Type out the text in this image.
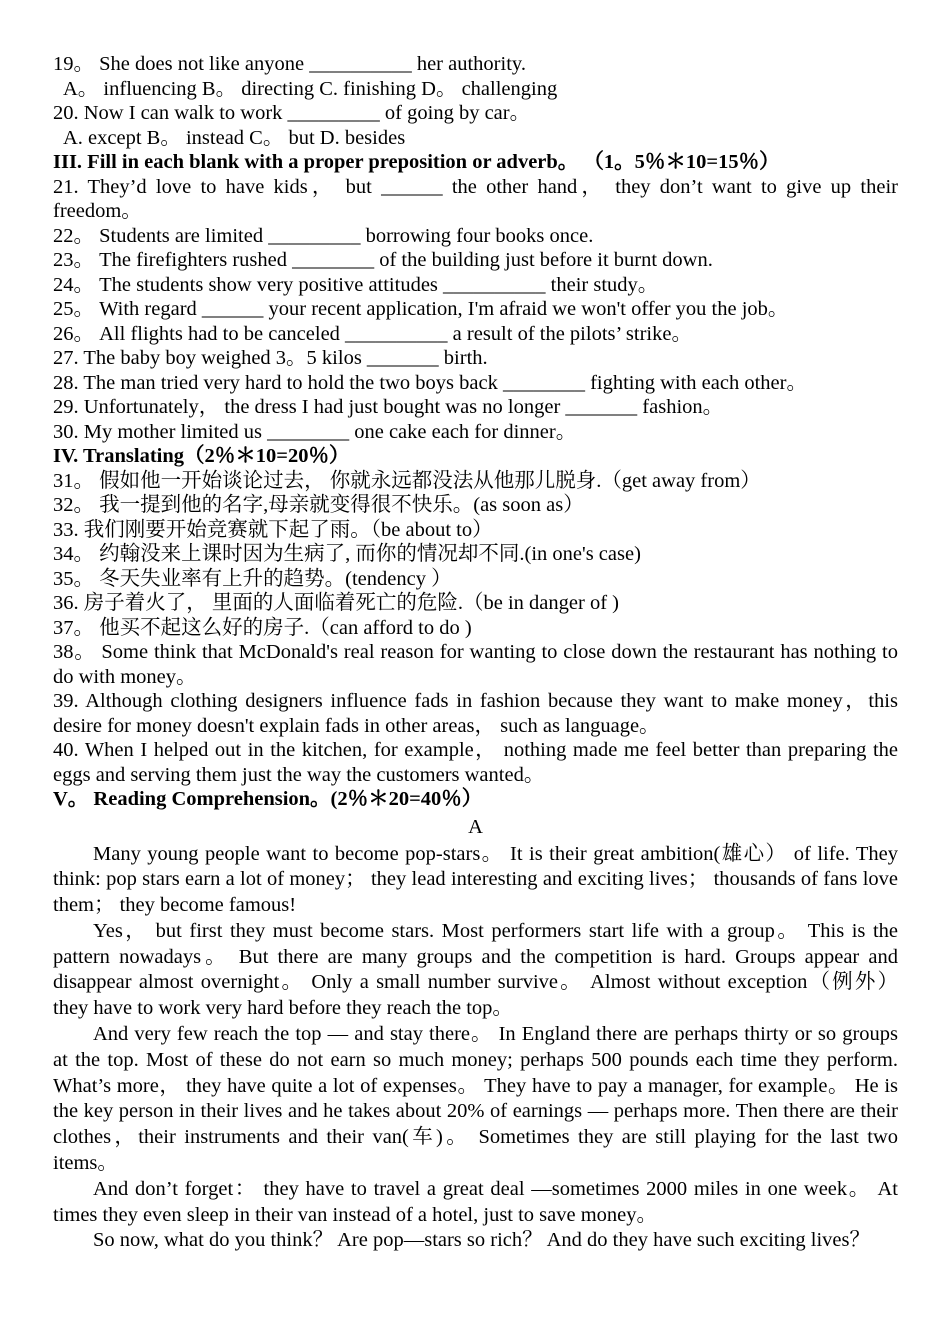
19。 She does not like anyone __________ her authority.
A。 influencing B。 directing C. finishing D。 challenging
20. Now I can walk to work _________ of going by car。
A. except B。 instead C。 but D. besides
III. Fill in each blank with a proper preposition or adverb。 （1。5％＊10=15％）
21. They’d love to have kids， but ______ the other hand， they don’t want to give up their freedom。
22。 Students are limited _________ borrowing four books once.
23。 The firefighters rushed ________ of the building just before it burnt down.
24。 The students show very positive attitudes __________ their study。
25。 With regard ______ your recent application, I'm afraid we won't offer you the job。
26。 All flights had to be canceled __________ a result of the pilots’ strike。
27. The baby boy weighed 3。5 kilos _______ birth.
28. The man tried very hard to hold the two boys back ________ fighting with each other。
29. Unfortunately， the dress I had just bought was no longer _______ fashion。
30. My mother limited us ________ one cake each for dinner。
IV. Translating（2％＊10=20％）
31。 假如他一开始谈论过去， 你就永远都没法从他那儿脱身.（get away from）
32。 我一提到他的名字,母亲就变得很不快乐。(as soon as）
33. 我们刚要开始竞赛就下起了雨。（be about to）
34。 约翰没来上课时因为生病了, 而你的情况却不同.(in one's case)
35。 冬天失业率有上升的趋势。(tendency ）
36. 房子着火了， 里面的人面临着死亡的危险.（be in danger of )
37。 他买不起这么好的房子.（can afford to do )
38。 Some think that McDonald's real reason for wanting to close down the restaurant has nothing to do with money。
39. Although clothing designers influence fads in fashion because they want to make money，this desire for money doesn't explain fads in other areas， such as language。
40. When I helped out in the kitchen, for example， nothing made me feel better than preparing the eggs and serving them just the way the customers wanted。
V。 Reading Comprehension。(2％＊20=40％）
A
Many young people want to become pop-stars。 It is their great ambition(雄心） of life. They think: pop stars earn a lot of money； they lead interesting and exciting lives； thousands of fans love them； they become famous!
Yes， but first they must become stars. Most performers start life with a group。 This is the pattern nowadays。 But there are many groups and the competition is hard. Groups appear and disappear almost overnight。 Only a small number survive。 Almost without exception（例外） they have to work very hard before they reach the top。
And very few reach the top — and stay there。 In England there are perhaps thirty or so groups at the top. Most of these do not earn so much money; perhaps 500 pounds each time they perform. What’s more， they have quite a lot of expenses。 They have to pay a manager, for example。 He is the key person in their lives and he takes about 20% of earnings — perhaps more. Then there are their clothes，their instruments and their van(车)。 Sometimes they are still playing for the last two items。
And don’t forget： they have to travel a great deal —sometimes 2000 miles in one week。 At times they even sleep in their van instead of a hotel, just to save money。
So now, what do you think？ Are pop—stars so rich？ And do they have such exciting lives？
